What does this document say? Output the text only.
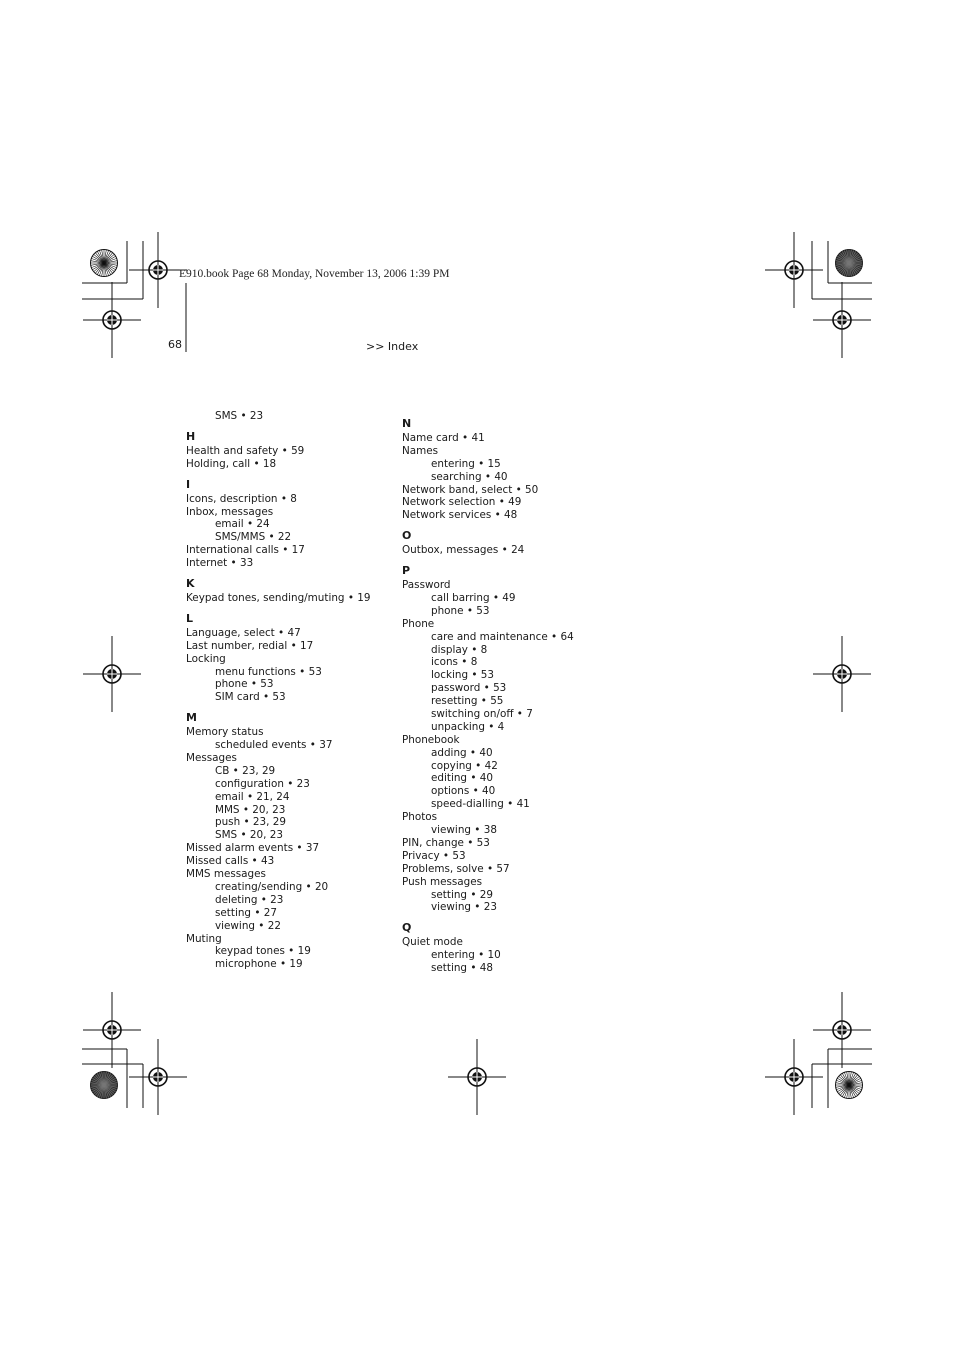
E910.book Page 68 Monday, November 13, 2006 1:39 PM
68	>> Index
SMS • 23
H
Health and safety • 59
Holding, call • 18
I
Icons, description • 8
Inbox, messages
email • 24
SMS/MMS • 22
International calls • 17
Internet • 33
K
Keypad tones, sending/muting • 19
L
Language, select • 47
Last number, redial • 17
Locking
menu functions • 53
phone • 53
SIM card • 53
M
Memory status
scheduled events • 37
Messages
CB • 23, 29
configuration • 23
email • 21, 24
MMS • 20, 23
push • 23, 29
SMS • 20, 23
Missed alarm events • 37
Missed calls • 43
MMS messages
creating/sending • 20
deleting • 23
setting • 27
viewing • 22
Muting
keypad tones • 19
microphone • 19
N
Name card • 41
Names
entering • 15
searching • 40
Network band, select • 50
Network selection • 49
Network services • 48
O
Outbox, messages • 24
P
Password
call barring • 49
phone • 53
Phone
care and maintenance • 64
display • 8
icons • 8
locking • 53
password • 53
resetting • 55
switching on/off • 7
unpacking • 4
Phonebook
adding • 40
copying • 42
editing • 40
options • 40
speed-dialling • 41
Photos
viewing • 38
PIN, change • 53
Privacy • 53
Problems, solve • 57
Push messages
setting • 29
viewing • 23
Q
Quiet mode
entering • 10
setting • 48
